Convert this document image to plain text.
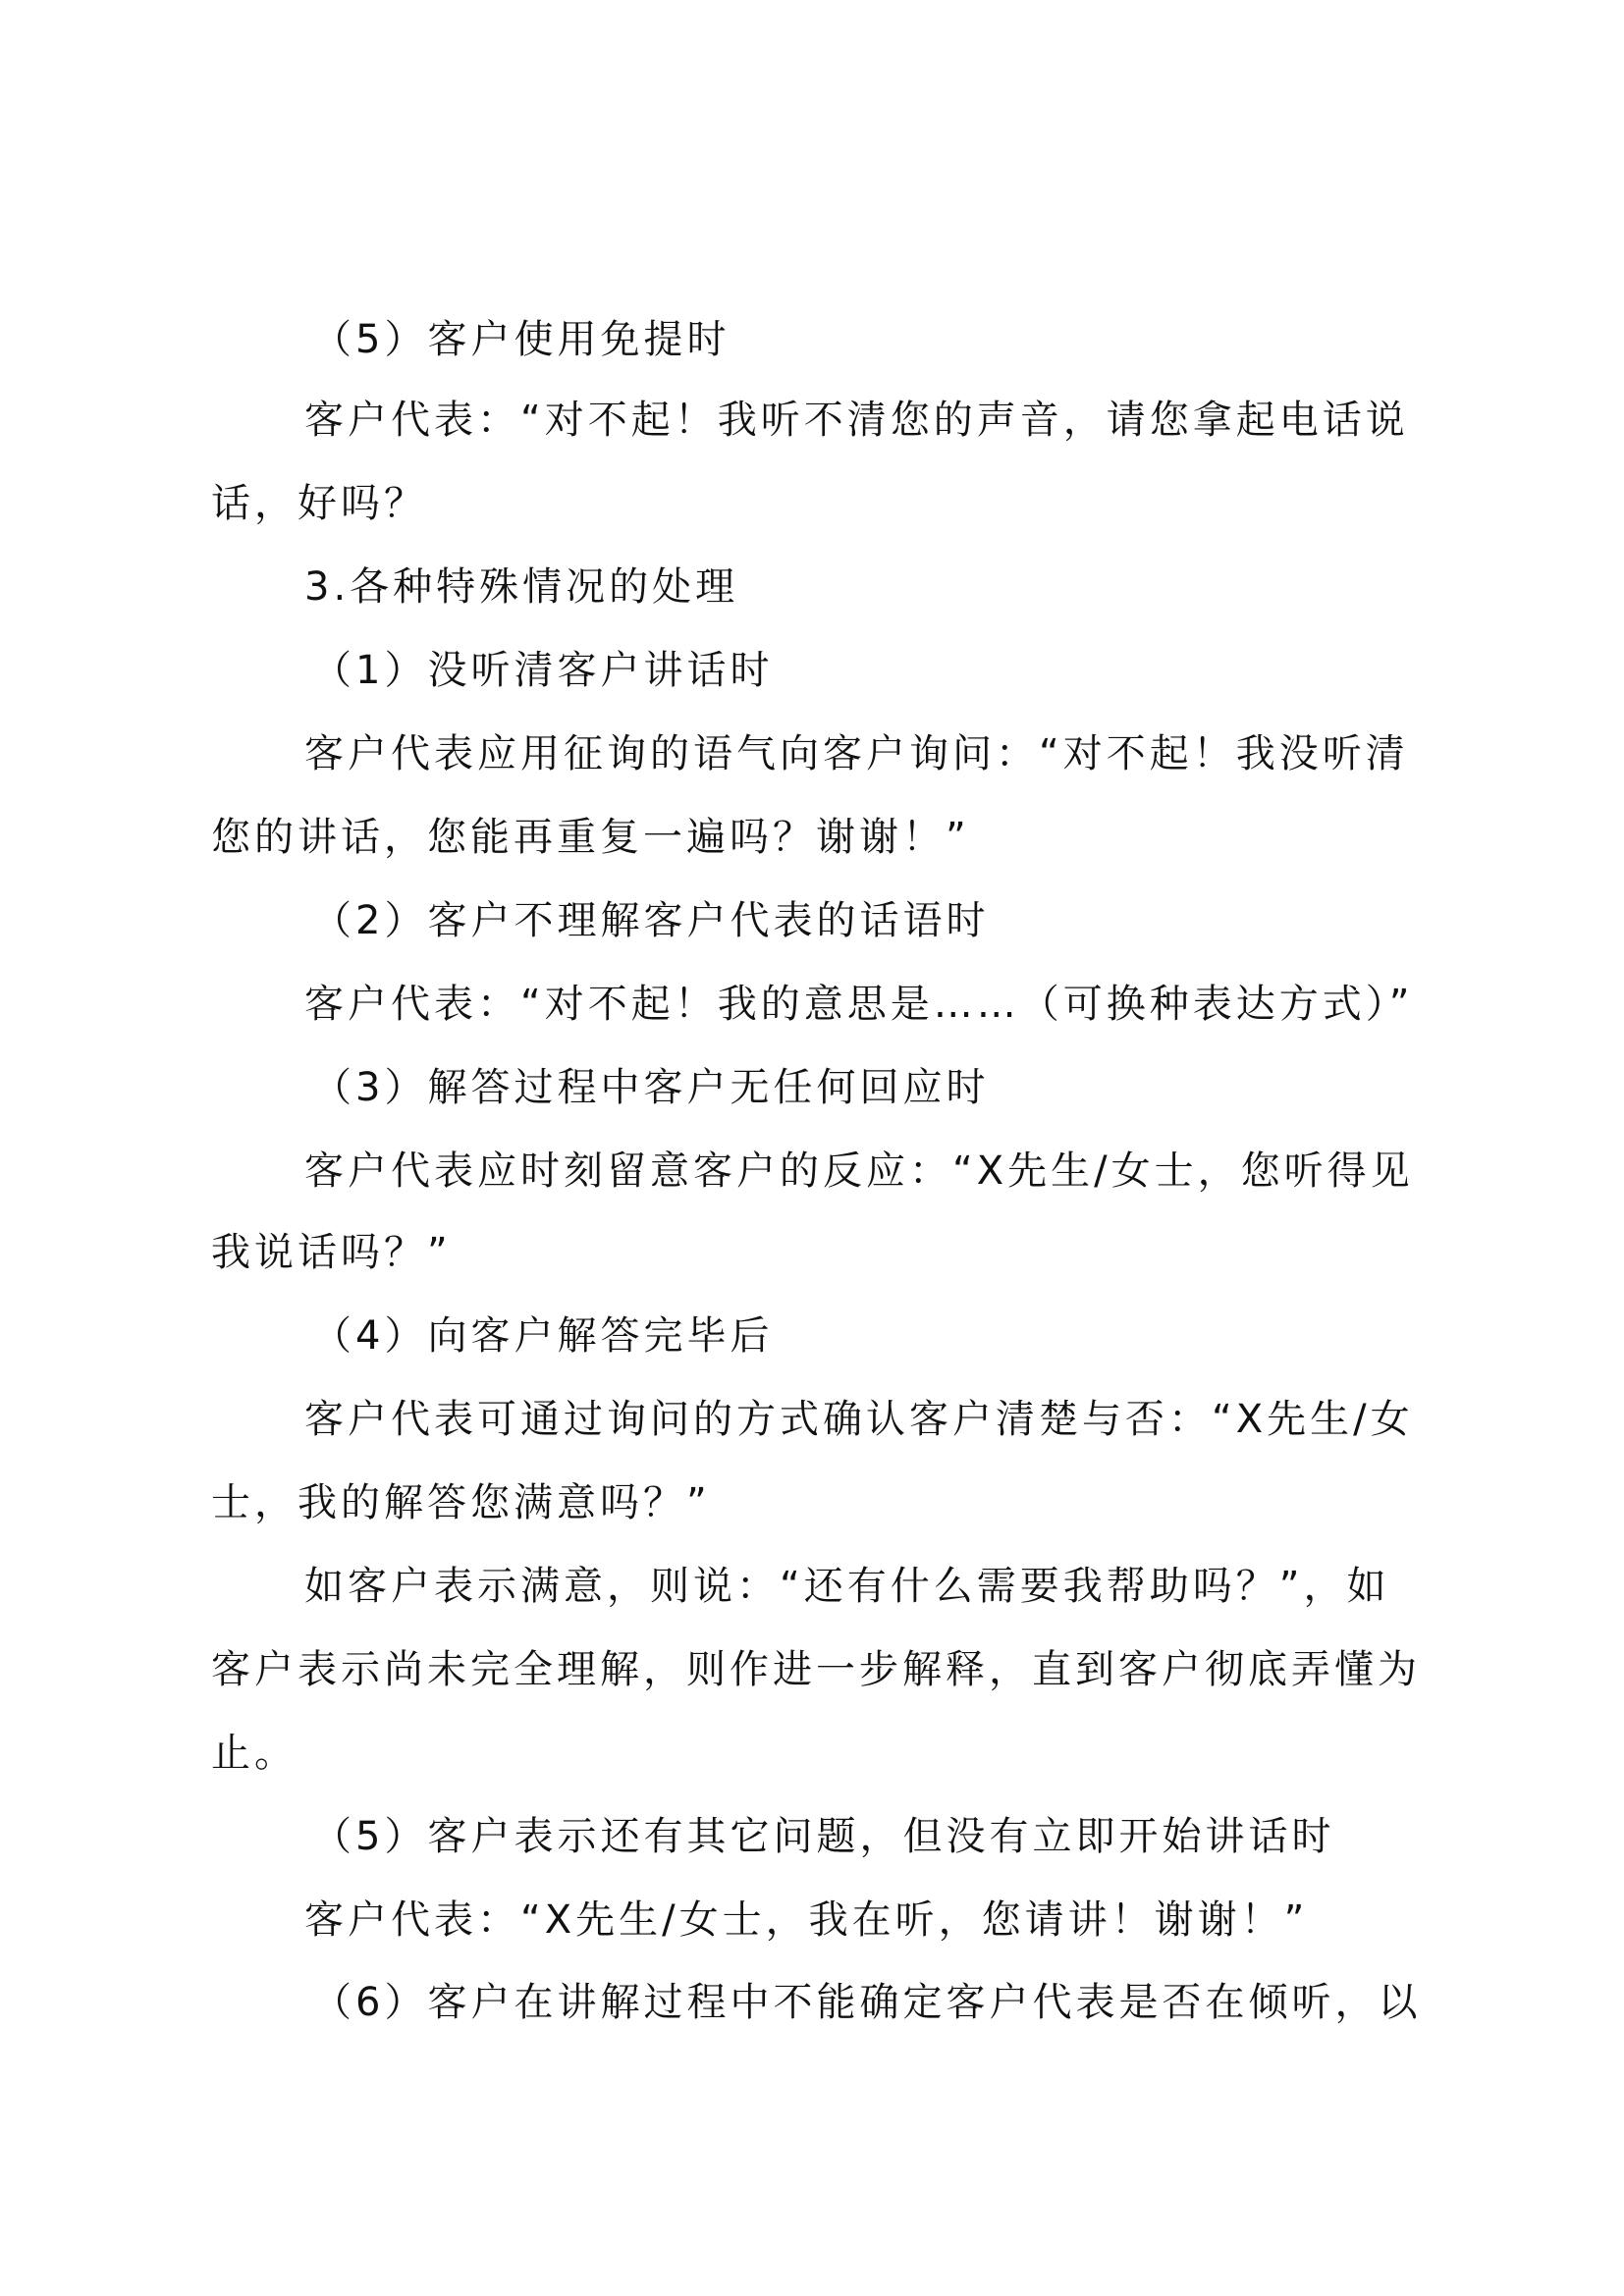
（5）客户使用免提时

客户代表：“对不起！我听不清您的声音，请您拿起电话说

话，好吗？

3.各种特殊情况的处理

（1）没听清客户讲话时

客户代表应用征询的语气向客户询问：“对不起！我没听清

您的讲话，您能再重复一遍吗？谢谢！”

（2）客户不理解客户代表的话语时

客户代表：“对不起！我的意思是……（可换种表达方式）”

（3）解答过程中客户无任何回应时

客户代表应时刻留意客户的反应：“X先生/女士，您听得见

我说话吗？”

（4）向客户解答完毕后

客户代表可通过询问的方式确认客户清楚与否：“X先生/女

士，我的解答您满意吗？”

如客户表示满意，则说：“还有什么需要我帮助吗？”，如

客户表示尚未完全理解，则作进一步解释，直到客户彻底弄懂为

止。

（5）客户表示还有其它问题，但没有立即开始讲话时

客户代表：“X先生/女士，我在听，您请讲！谢谢！”

（6）客户在讲解过程中不能确定客户代表是否在倾听，以
